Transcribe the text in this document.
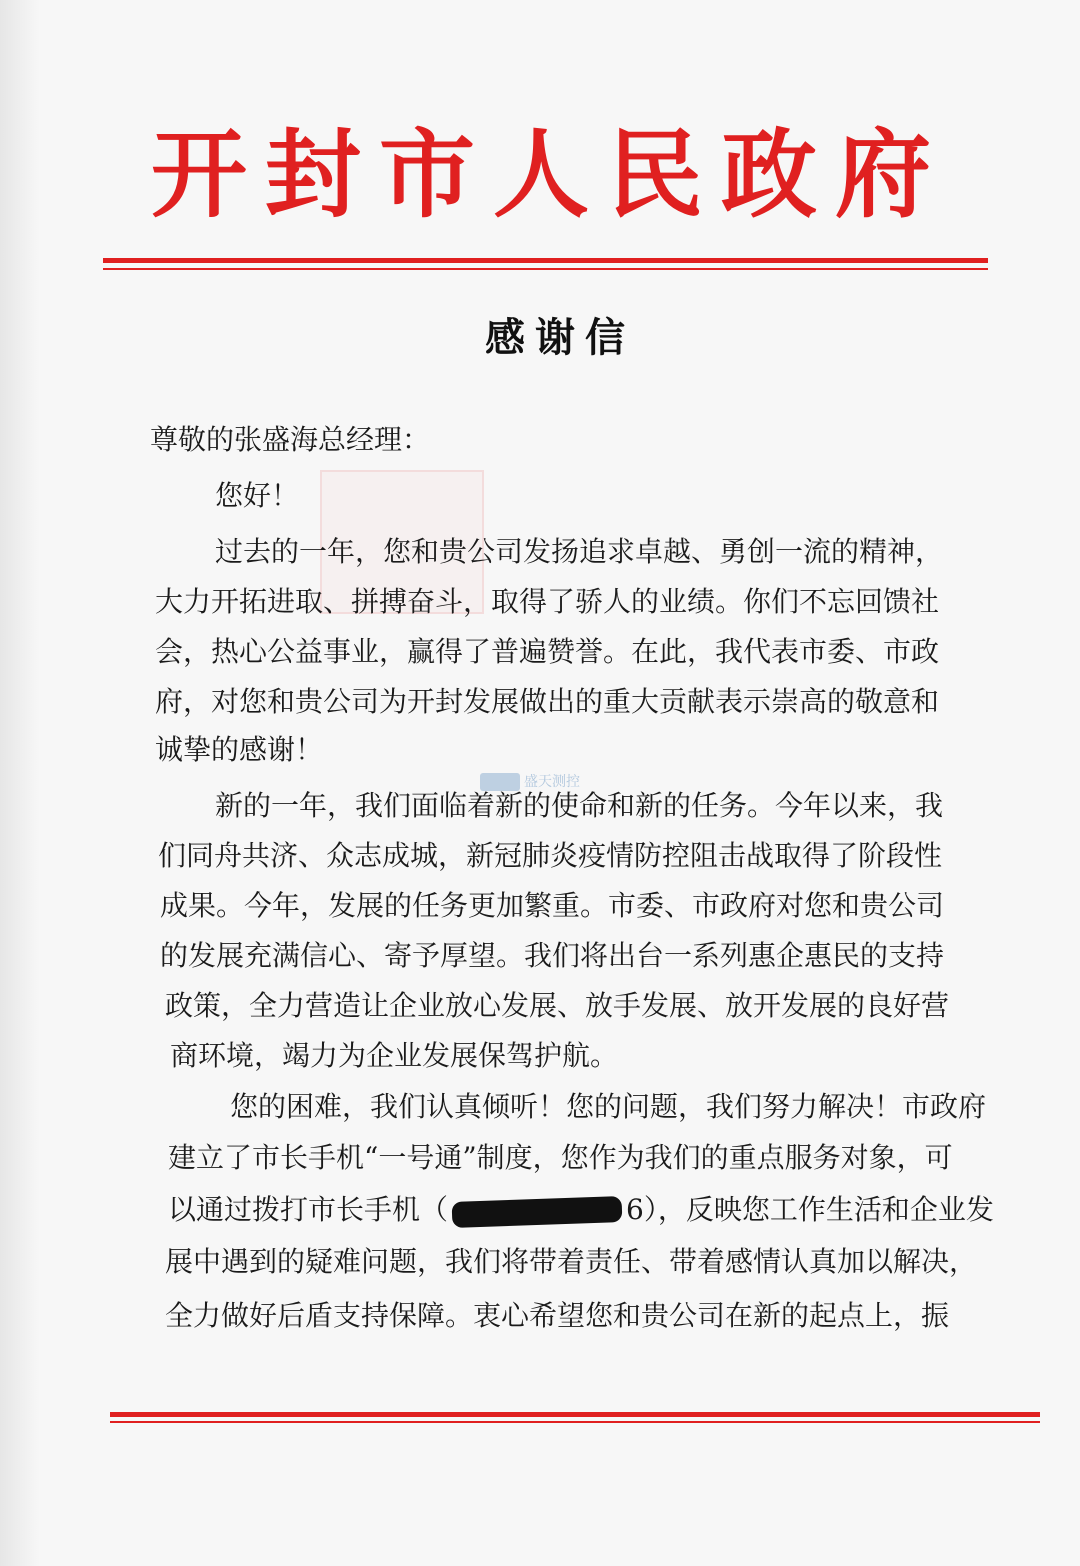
开封市人民政府
感谢信
尊敬的张盛海总经理：
您好！
过去的一年，您和贵公司发扬追求卓越、勇创一流的精神，
大力开拓进取、拼搏奋斗，取得了骄人的业绩。你们不忘回馈社
会，热心公益事业，赢得了普遍赞誉。在此，我代表市委、市政
府，对您和贵公司为开封发展做出的重大贡献表示崇高的敬意和
诚挚的感谢！
盛天测控
新的一年，我们面临着新的使命和新的任务。今年以来，我
们同舟共济、众志成城，新冠肺炎疫情防控阻击战取得了阶段性
成果。今年，发展的任务更加繁重。市委、市政府对您和贵公司
的发展充满信心、寄予厚望。我们将出台一系列惠企惠民的支持
政策，全力营造让企业放心发展、放手发展、放开发展的良好营
商环境，竭力为企业发展保驾护航。
您的困难，我们认真倾听！您的问题，我们努力解决！市政府
建立了市长手机“一号通”制度，您作为我们的重点服务对象，可
以通过拨打市长手机（	6），反映您工作生活和企业发
展中遇到的疑难问题，我们将带着责任、带着感情认真加以解决，
全力做好后盾支持保障。衷心希望您和贵公司在新的起点上，振
